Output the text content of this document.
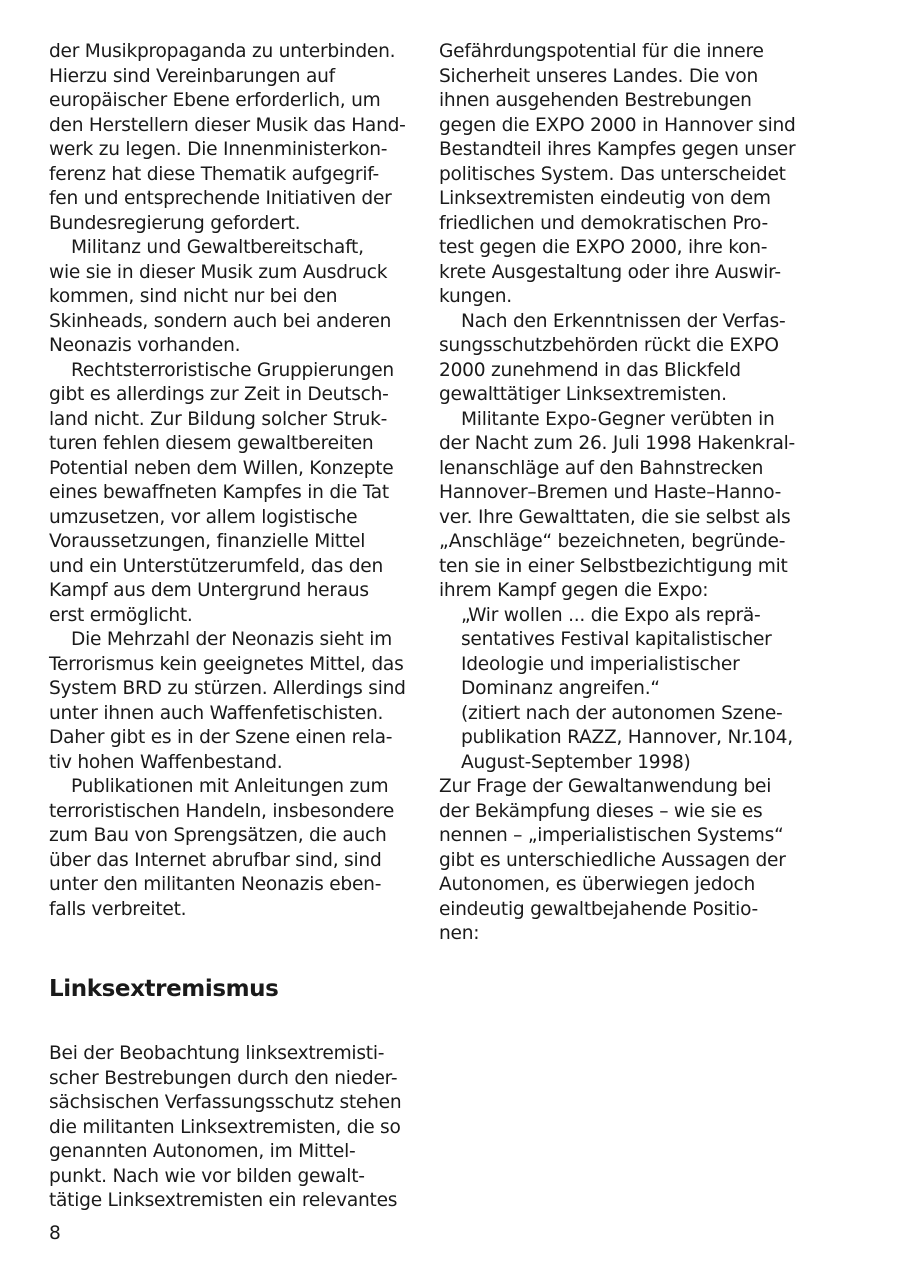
der Musikpropaganda zu unterbinden.
Hierzu sind Vereinbarungen auf
europäischer Ebene erforderlich, um
den Herstellern dieser Musik das Hand-
werk zu legen. Die Innenministerkon-
ferenz hat diese Thematik aufgegrif-
fen und entsprechende Initiativen der
Bundesregierung gefordert.
Militanz und Gewaltbereitschaft,
wie sie in dieser Musik zum Ausdruck
kommen, sind nicht nur bei den
Skinheads, sondern auch bei anderen
Neonazis vorhanden.
Rechtsterroristische Gruppierungen
gibt es allerdings zur Zeit in Deutsch-
land nicht. Zur Bildung solcher Struk-
turen fehlen diesem gewaltbereiten
Potential neben dem Willen, Konzepte
eines bewaffneten Kampfes in die Tat
umzusetzen, vor allem logistische
Voraussetzungen, finanzielle Mittel
und ein Unterstützerumfeld, das den
Kampf aus dem Untergrund heraus
erst ermöglicht.
Die Mehrzahl der Neonazis sieht im
Terrorismus kein geeignetes Mittel, das
System BRD zu stürzen. Allerdings sind
unter ihnen auch Waffenfetischisten.
Daher gibt es in der Szene einen rela-
tiv hohen Waffenbestand.
Publikationen mit Anleitungen zum
terroristischen Handeln, insbesondere
zum Bau von Sprengsätzen, die auch
über das Internet abrufbar sind, sind
unter den militanten Neonazis eben-
falls verbreitet.
Linksextremismus
Bei der Beobachtung linksextremisti-
scher Bestrebungen durch den nieder-
sächsischen Verfassungsschutz stehen
die militanten Linksextremisten, die so
genannten Autonomen, im Mittel-
punkt. Nach wie vor bilden gewalt-
tätige Linksextremisten ein relevantes
Gefährdungspotential für die innere
Sicherheit unseres Landes. Die von
ihnen ausgehenden Bestrebungen
gegen die EXPO 2000 in Hannover sind
Bestandteil ihres Kampfes gegen unser
politisches System. Das unterscheidet
Linksextremisten eindeutig von dem
friedlichen und demokratischen Pro-
test gegen die EXPO 2000, ihre kon-
krete Ausgestaltung oder ihre Auswir-
kungen.
Nach den Erkenntnissen der Verfas-
sungsschutzbehörden rückt die EXPO
2000 zunehmend in das Blickfeld
gewalttätiger Linksextremisten.
Militante Expo-Gegner verübten in
der Nacht zum 26. Juli 1998 Hakenkral-
lenanschläge auf den Bahnstrecken
Hannover–Bremen und Haste–Hanno-
ver. Ihre Gewalttaten, die sie selbst als
„Anschläge“ bezeichneten, begründe-
ten sie in einer Selbstbezichtigung mit
ihrem Kampf gegen die Expo:
„Wir wollen ... die Expo als reprä-
sentatives Festival kapitalistischer
Ideologie und imperialistischer
Dominanz angreifen.“
(zitiert nach der autonomen Szene-
publikation RAZZ, Hannover, Nr.104,
August-September 1998)
Zur Frage der Gewaltanwendung bei
der Bekämpfung dieses – wie sie es
nennen – „imperialistischen Systems“
gibt es unterschiedliche Aussagen der
Autonomen, es überwiegen jedoch
eindeutig gewaltbejahende Positio-
nen:
8
